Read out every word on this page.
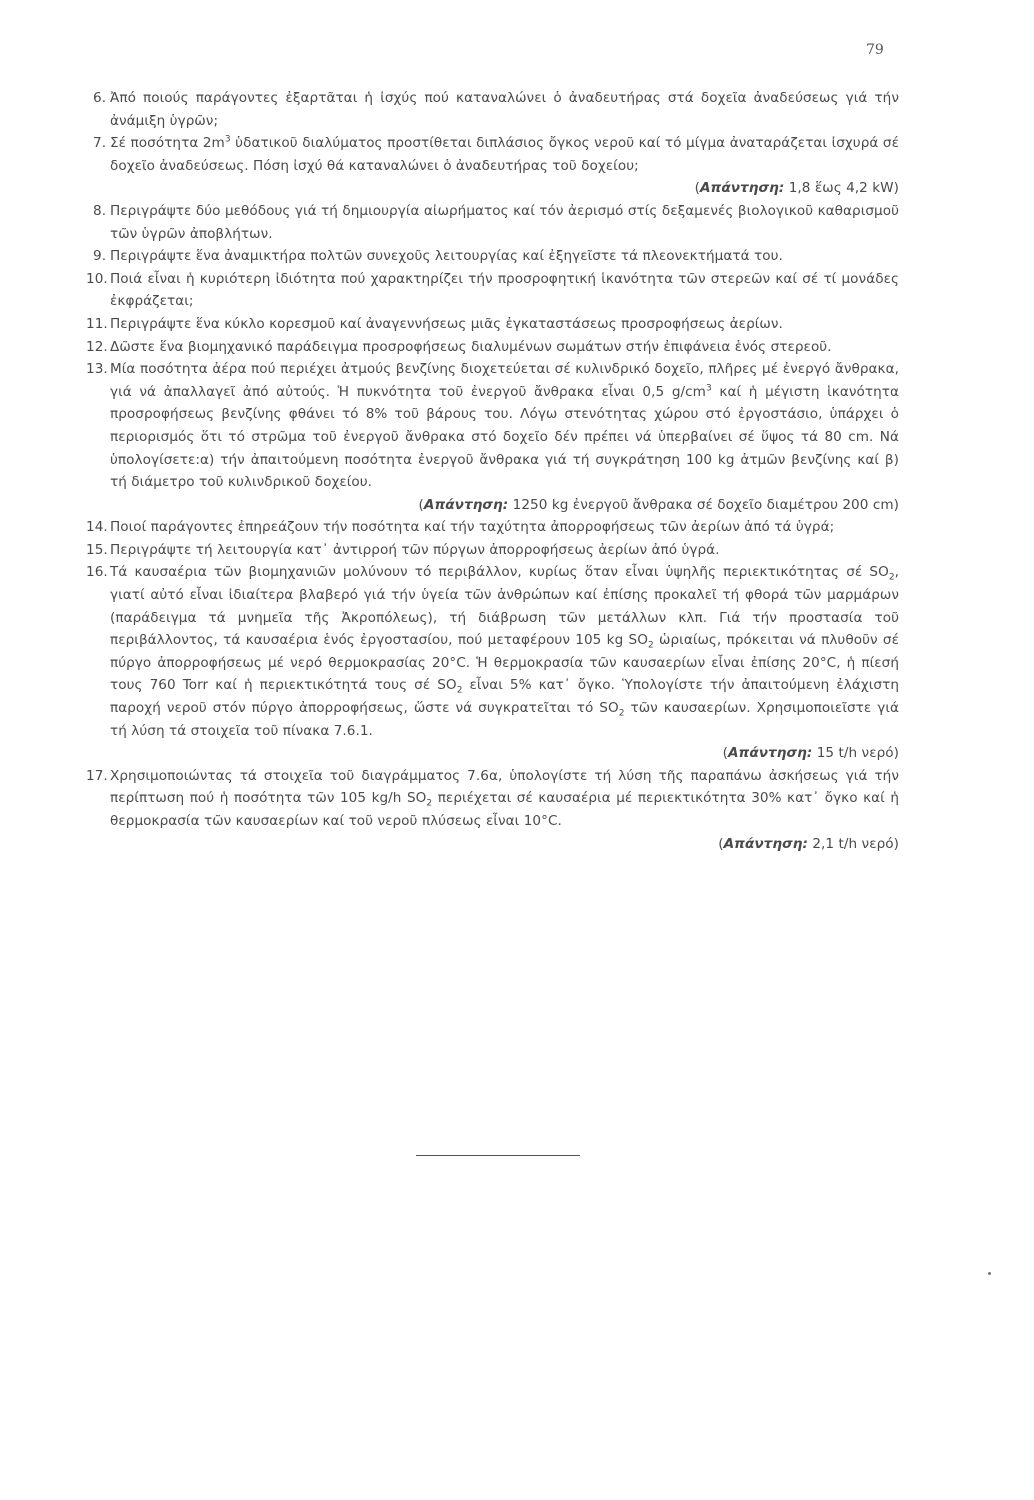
79
6. Ἀπό ποιούς παράγοντες ἐξαρτᾶται ἡ ἰσχύς πού καταναλώνει ὁ ἀναδευτήρας στά δοχεῖα ἀναδεύσεως γιά τήν ἀνάμιξη ὑγρῶν;
7. Σέ ποσότητα $2m^3$ ὑδατικοῦ διαλύματος προστίθεται διπλάσιος ὄγκος νεροῦ καί τό μίγμα ἀναταράζεται ἰσχυρά σέ δοχεῖο ἀναδεύσεως. Πόση ἰσχύ θά καταναλώνει ὁ ἀναδευτήρας τοῦ δοχείου;
(Απάντηση: 1,8 ἕως 4,2 kW)
8. Περιγράψτε δύο μεθόδους γιά τή δημιουργία αἰωρήματος καί τόν ἀερισμό στίς δεξαμενές βιολογικοῦ καθαρισμοῦ τῶν ὑγρῶν ἀποβλήτων.
9. Περιγράψτε ἕνα ἀναμικτήρα πολτῶν συνεχοῦς λειτουργίας καί ἐξηγεῖστε τά πλεονεκτήματά του.
10. Ποιά εἶναι ἡ κυριότερη ἰδιότητα πού χαρακτηρίζει τήν προσροφητική ἱκανότητα τῶν στερεῶν καί σέ τί μονάδες ἐκφράζεται;
11. Περιγράψτε ἕνα κύκλο κορεσμοῦ καί ἀναγεννήσεως μιᾶς ἐγκαταστάσεως προσροφήσεως ἀερίων.
12. Δῶστε ἕνα βιομηχανικό παράδειγμα προσροφήσεως διαλυμένων σωμάτων στήν ἐπιφάνεια ἑνός στερεοῦ.
13. Μία ποσότητα ἀέρα πού περιέχει ἀτμούς βενζίνης διοχετεύεται σέ κυλινδρικό δοχεῖο, πλῆρες μέ ἐνεργό ἄνθρακα, γιά νά ἀπαλλαγεῖ ἀπό αὐτούς. Ἡ πυκνότητα τοῦ ἐνεργοῦ ἄνθρακα εἶναι 0,5 $g/cm^3$ καί ἡ μέγιστη ἱκανότητα προσροφήσεως βενζίνης φθάνει τό 8% τοῦ βάρους του. Λόγω στενότητας χώρου στό ἐργοστάσιο, ὑπάρχει ὁ περιορισμός ὅτι τό στρῶμα τοῦ ἐνεργοῦ ἄνθρακα στό δοχεῖο δέν πρέπει νά ὑπερβαίνει σέ ὕψος τά 80 cm. Νά ὑπολογίσετε:α) τήν ἀπαιτούμενη ποσότητα ἐνεργοῦ ἄνθρακα γιά τή συγκράτηση 100 kg ἀτμῶν βενζίνης καί β) τή διάμετρο τοῦ κυλινδρικοῦ δοχείου.
(Απάντηση: 1250 kg ἐνεργοῦ ἄνθρακα σέ δοχεῖο διαμέτρου 200 cm)
14. Ποιοί παράγοντες ἐπηρεάζουν τήν ποσότητα καί τήν ταχύτητα ἀπορροφήσεως τῶν ἀερίων ἀπό τά ὑγρά;
15. Περιγράψτε τή λειτουργία κατ᾽ ἀντιρροή τῶν πύργων ἀπορροφήσεως ἀερίων ἀπό ὑγρά.
16. Τά καυσαέρια τῶν βιομηχανιῶν μολύνουν τό περιβάλλον, κυρίως ὅταν εἶναι ὑψηλῆς περιεκτικότητας σέ $SO_2$, γιατί αὐτό εἶναι ἰδιαίτερα βλαβερό γιά τήν ὑγεία τῶν ἀνθρώπων καί ἐπίσης προκαλεῖ τή φθορά τῶν μαρμάρων (παράδειγμα τά μνημεῖα τῆς Ἀκροπόλεως), τή διάβρωση τῶν μετάλλων κλπ. Γιά τήν προστασία τοῦ περιβάλλοντος, τά καυσαέρια ἑνός ἐργοστασίου, πού μεταφέρουν 105 kg $SO_2$ ὡριαίως, πρόκειται νά πλυθοῦν σέ πύργο ἀπορροφήσεως μέ νερό θερμοκρασίας 20°C. Ἡ θερμοκρασία τῶν καυσαερίων εἶναι ἐπίσης 20°C, ἡ πίεσή τους 760 Torr καί ἡ περιεκτικότητά τους σέ $SO_2$ εἶναι 5% κατ᾽ ὄγκο. Ὑπολογίστε τήν ἀπαιτούμενη ἐλάχιστη παροχή νεροῦ στόν πύργο ἀπορροφήσεως, ὥστε νά συγκρατεῖται τό $SO_2$ τῶν καυσαερίων. Χρησιμοποιεῖστε γιά τή λύση τά στοιχεῖα τοῦ πίνακα 7.6.1.
(Απάντηση: 15 t/h νερό)
17. Χρησιμοποιώντας τά στοιχεῖα τοῦ διαγράμματος 7.6α, ὑπολογίστε τή λύση τῆς παραπάνω ἀσκήσεως γιά τήν περίπτωση πού ἡ ποσότητα τῶν 105 kg/h $SO_2$ περιέχεται σέ καυσαέρια μέ περιεκτικότητα 30% κατ᾽ ὄγκο καί ἡ θερμοκρασία τῶν καυσαερίων καί τοῦ νεροῦ πλύσεως εἶναι 10°C.
(Απάντηση: 2,1 t/h νερό)
